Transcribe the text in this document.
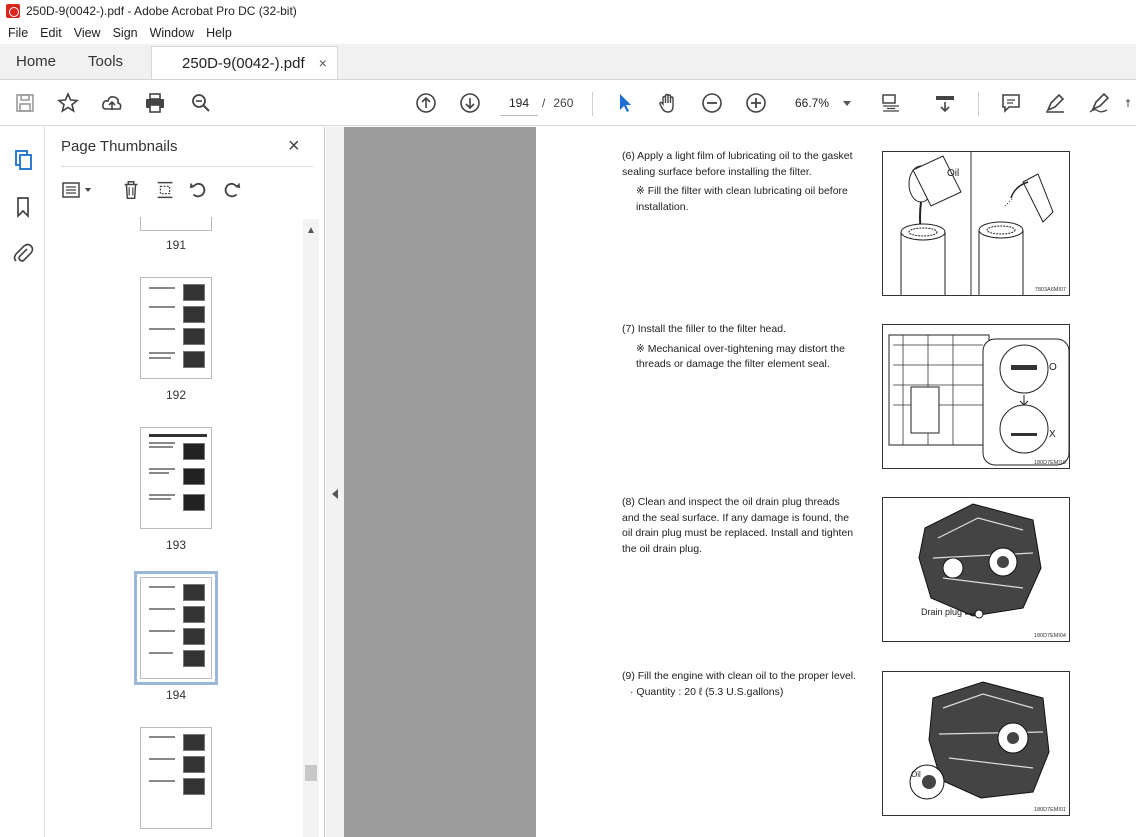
250D-9(0042-).pdf - Adobe Acrobat Pro DC (32-bit)
File Edit View Sign Window Help
Home	Tools	250D-9(0042-).pdf ×
194	/ 260	66.7%
Page Thumbnails	×
191
192
193
194
▲
(6) Apply a light film of lubricating oil to the gasket sealing surface before installing the filter.
※ Fill the filter with clean lubricating oil before installation.
Oil
7803A6MI07
(7) Install the filler to the filter head.
※ Mechanical over-tightening may distort the threads or damage the filter element seal.	O
X
180D7EMI10
(8) Clean and inspect the oil drain plug threads and the seal surface. If any damage is found, the oil drain plug must be replaced. Install and tighten the oil drain plug.
Drain plug
180D7EMI04
(9) Fill the engine with clean oil to the proper level.
· Quantity : 20 ℓ (5.3 U.S.gallons)
Oil
180D7EMI01
